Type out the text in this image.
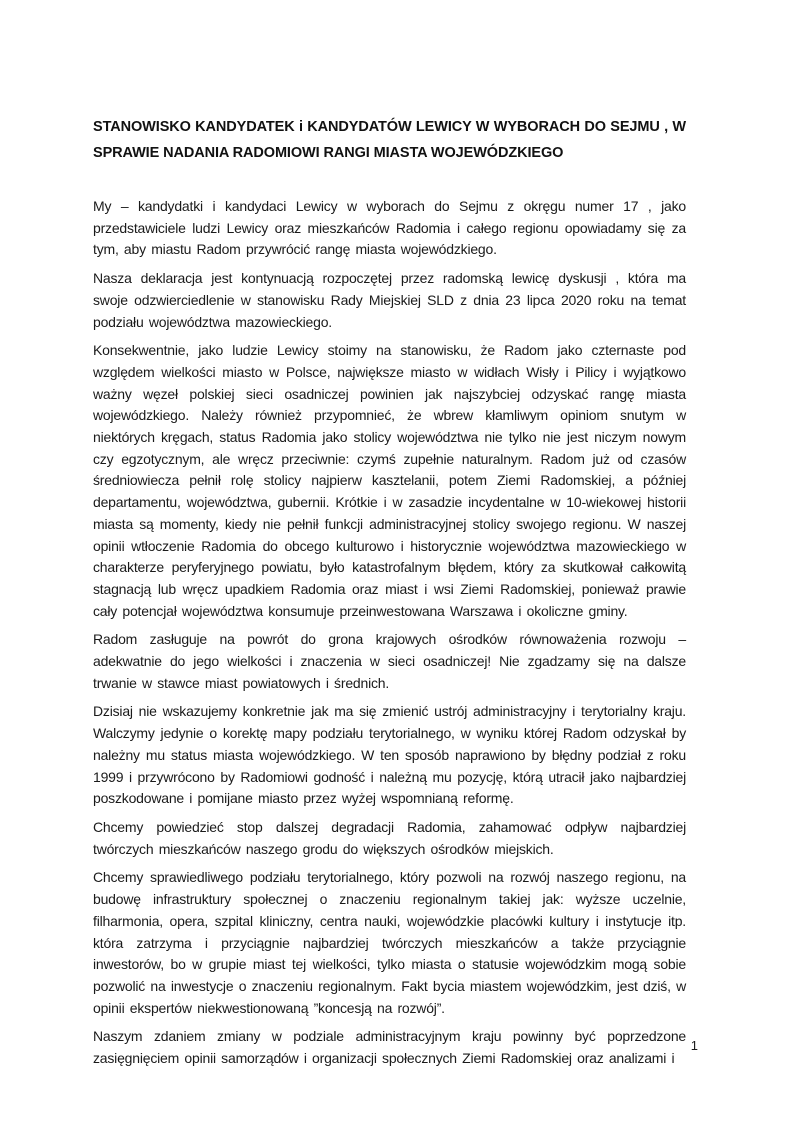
STANOWISKO KANDYDATEK i KANDYDATÓW LEWICY W WYBORACH DO SEJMU , W SPRAWIE NADANIA RADOMIOWI RANGI MIASTA WOJEWÓDZKIEGO

My – kandydatki i kandydaci Lewicy w wyborach do Sejmu z okręgu numer 17 , jako przedstawiciele ludzi Lewicy oraz mieszkańców Radomia i całego regionu opowiadamy się za tym, aby miastu Radom przywrócić rangę miasta wojewódzkiego.

Nasza deklaracja jest kontynuacją rozpoczętej przez radomską lewicę dyskusji , która ma swoje odzwierciedlenie w stanowisku Rady Miejskiej SLD z dnia 23 lipca 2020 roku na temat podziału województwa mazowieckiego.

Konsekwentnie, jako ludzie Lewicy stoimy na stanowisku, że Radom jako czternaste pod względem wielkości miasto w Polsce, największe miasto w widłach Wisły i Pilicy i wyjątkowo ważny węzeł polskiej sieci osadniczej powinien jak najszybciej odzyskać rangę miasta wojewódzkiego. Należy również przypomnieć, że wbrew kłamliwym opiniom snutym w niektórych kręgach, status Radomia jako stolicy województwa nie tylko nie jest niczym nowym czy egzotycznym, ale wręcz przeciwnie: czymś zupełnie naturalnym. Radom już od czasów średniowiecza pełnił rolę stolicy najpierw kasztelanii, potem Ziemi Radomskiej, a później departamentu, województwa, gubernii. Krótkie i w zasadzie incydentalne w 10-wiekowej historii miasta są momenty, kiedy nie pełnił funkcji administracyjnej stolicy swojego regionu. W naszej opinii wtłoczenie Radomia do obcego kulturowo i historycznie województwa mazowieckiego w charakterze peryferyjnego powiatu, było katastrofalnym błędem, który za skutkował całkowitą stagnacją lub wręcz upadkiem Radomia oraz miast i wsi Ziemi Radomskiej, ponieważ prawie cały potencjał województwa konsumuje przeinwestowana Warszawa i okoliczne gminy.

Radom zasługuje na powrót do grona krajowych ośrodków równoważenia rozwoju – adekwatnie do jego wielkości i znaczenia w sieci osadniczej! Nie zgadzamy się na dalsze trwanie w stawce miast powiatowych i średnich.

Dzisiaj nie wskazujemy konkretnie jak ma się zmienić ustrój administracyjny i terytorialny kraju. Walczymy jedynie o korektę mapy podziału terytorialnego, w wyniku której Radom odzyskał by należny mu status miasta wojewódzkiego. W ten sposób naprawiono by błędny podział z roku 1999 i przywrócono by Radomiowi godność i należną mu pozycję, którą utracił jako najbardziej poszkodowane i pomijane miasto przez wyżej wspomnianą reformę.

Chcemy powiedzieć stop dalszej degradacji Radomia, zahamować odpływ najbardziej twórczych mieszkańców naszego grodu do większych ośrodków miejskich.

Chcemy sprawiedliwego podziału terytorialnego, który pozwoli na rozwój naszego regionu, na budowę infrastruktury społecznej o znaczeniu regionalnym takiej jak: wyższe uczelnie, filharmonia, opera, szpital kliniczny, centra nauki, wojewódzkie placówki kultury i instytucje itp. która zatrzyma i przyciągnie najbardziej twórczych mieszkańców a także przyciągnie inwestorów, bo w grupie miast tej wielkości, tylko miasta o statusie wojewódzkim mogą sobie pozwolić na inwestycje o znaczeniu regionalnym. Fakt bycia miastem wojewódzkim, jest dziś, w opinii ekspertów niekwestionowaną ”koncesją na rozwój”.

Naszym zdaniem zmiany w podziale administracyjnym kraju powinny być poprzedzone zasięgnięciem opinii samorządów i organizacji społecznych Ziemi Radomskiej oraz analizami i

1
